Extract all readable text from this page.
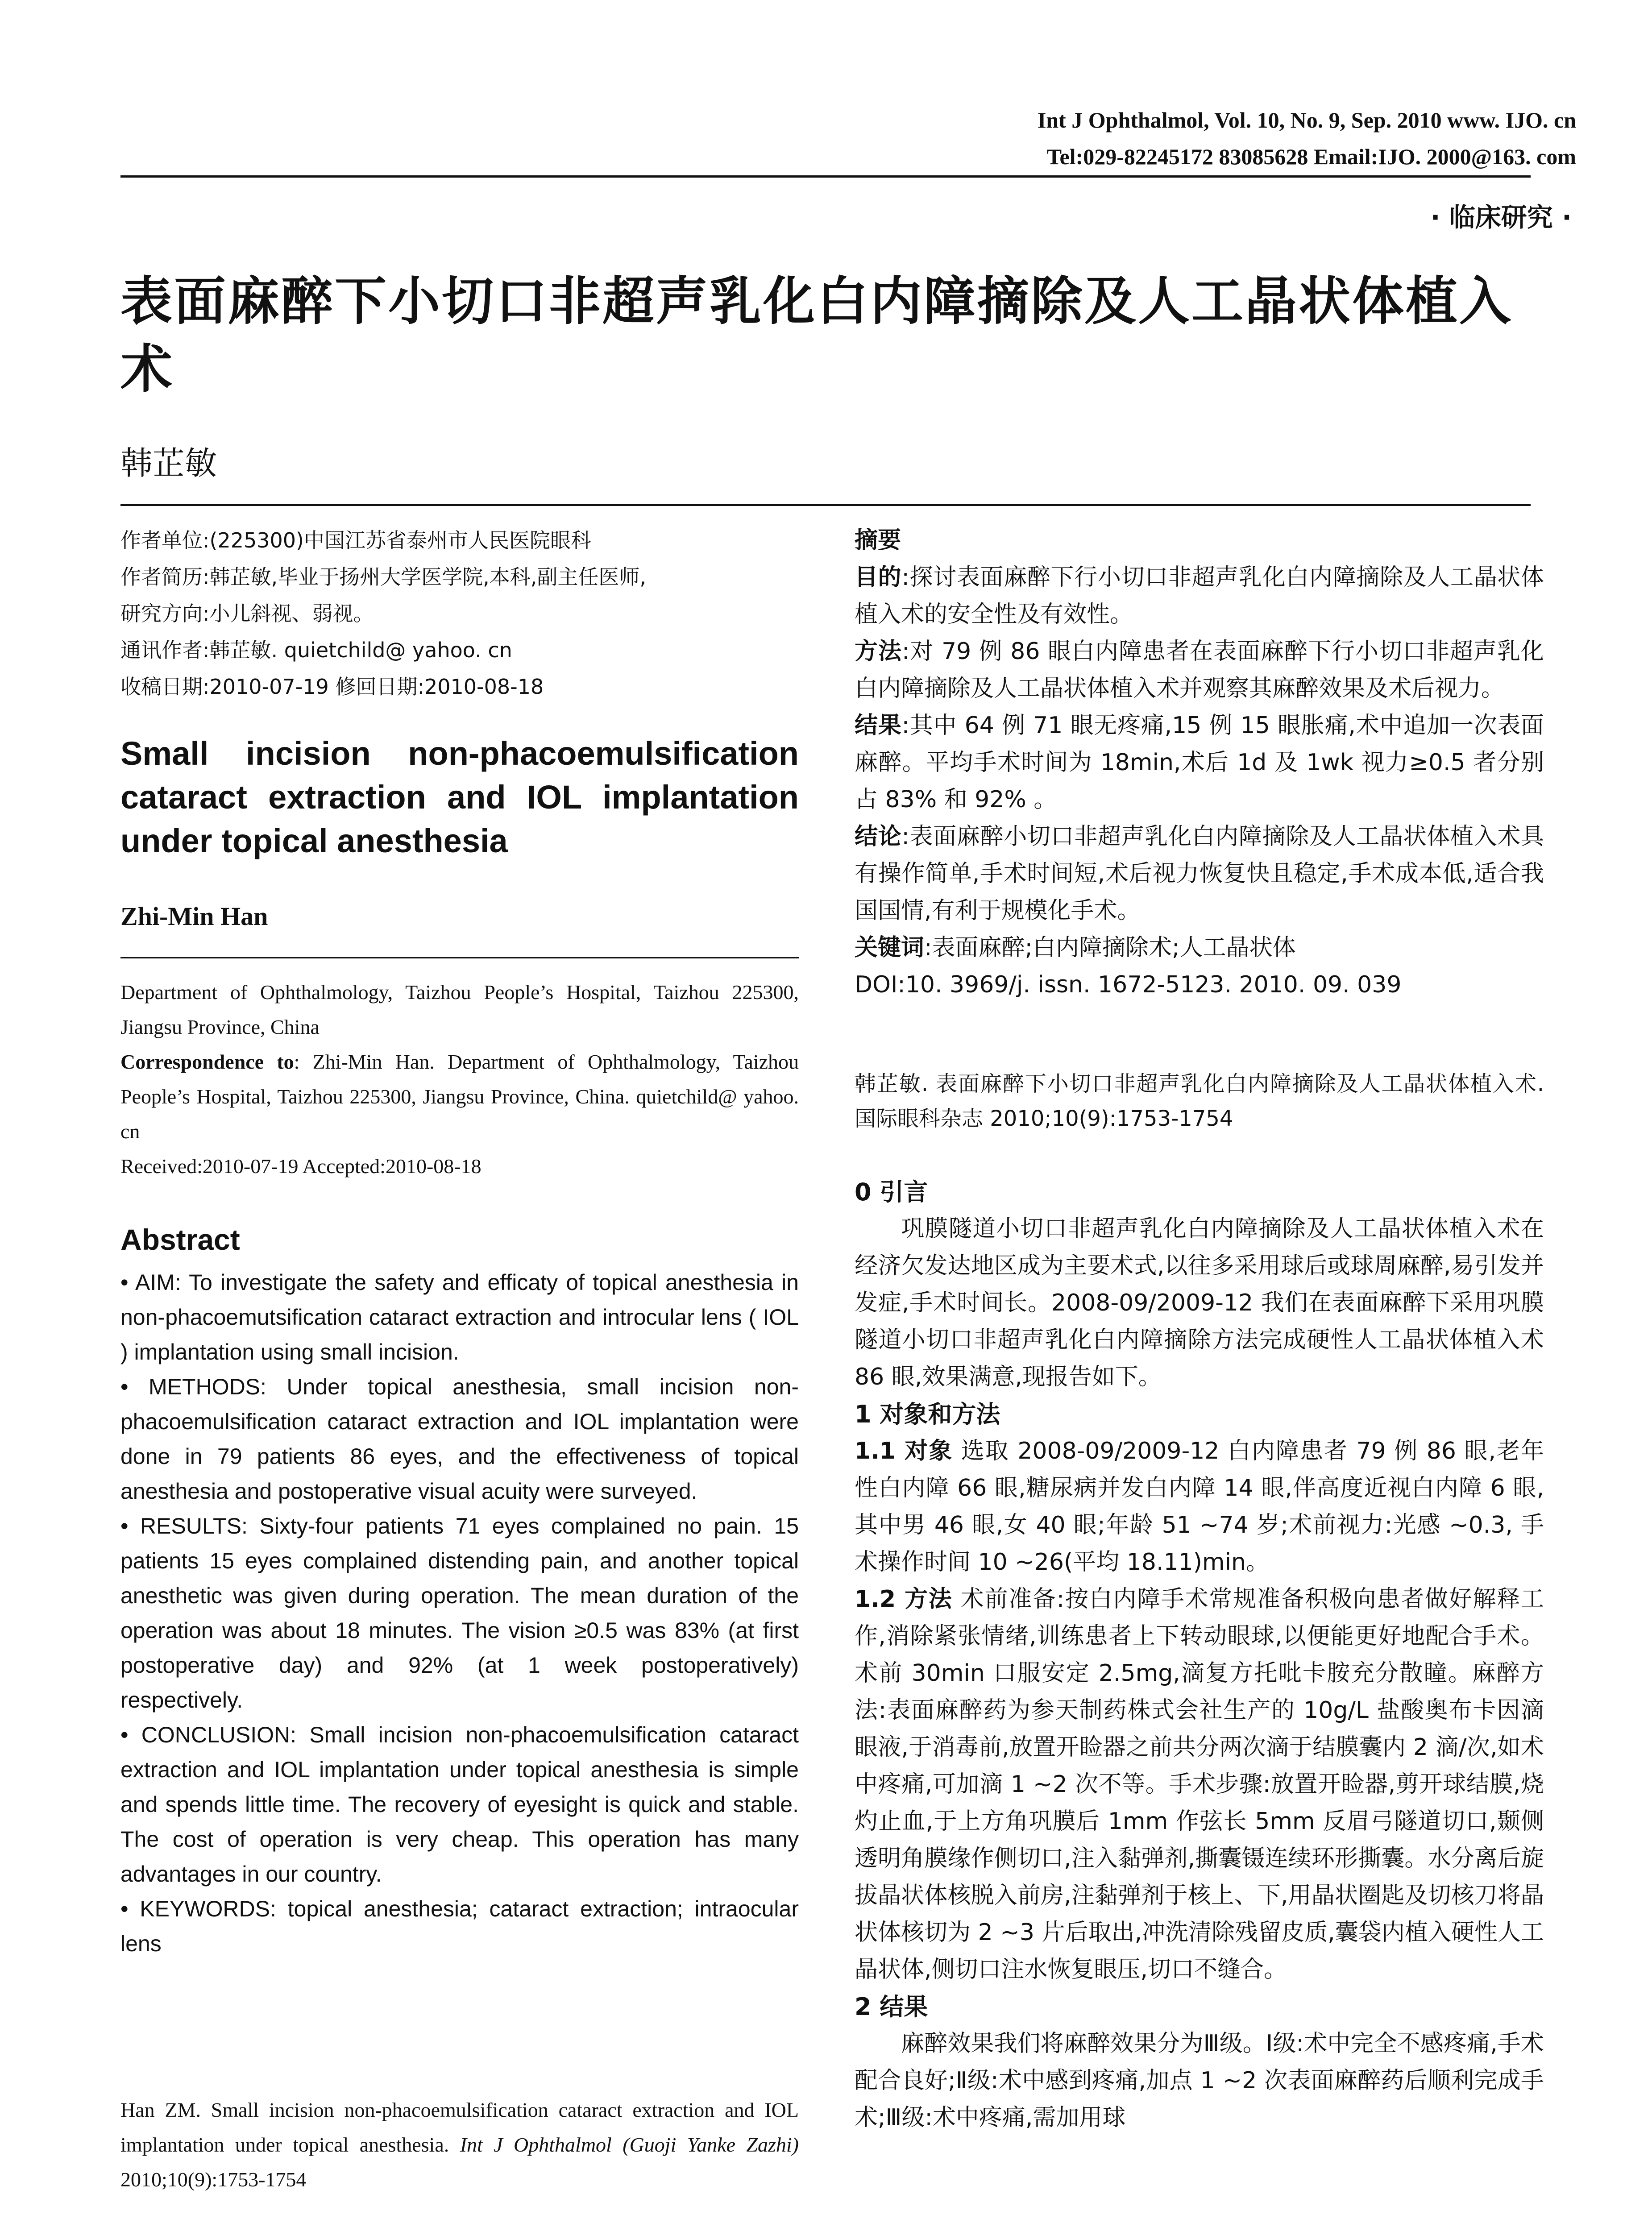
Int J Ophthalmol, Vol. 10, No. 9, Sep. 2010 www. IJO. cn
Tel:029-82245172 83085628 Email:IJO. 2000@163. com
· 临床研究 ·
表面麻醉下小切口非超声乳化白内障摘除及人工晶状体植入术
韩芷敏
作者单位:(225300)中国江苏省泰州市人民医院眼科
作者简历:韩芷敏,毕业于扬州大学医学院,本科,副主任医师,
研究方向:小儿斜视、弱视。
通讯作者:韩芷敏. quietchild@ yahoo. cn
收稿日期:2010-07-19 修回日期:2010-08-18
Small incision non-phacoemulsification cataract extraction and IOL implantation under topical anesthesia
Zhi-Min Han
Department of Ophthalmology, Taizhou People’s Hospital, Taizhou 225300, Jiangsu Province, China
Correspondence to: Zhi-Min Han. Department of Ophthalmology, Taizhou People’s Hospital, Taizhou 225300, Jiangsu Province, China. quietchild@ yahoo. cn
Received:2010-07-19 Accepted:2010-08-18
Abstract

• AIM: To investigate the safety and efficaty of topical anesthesia in non-phacoemutsification cataract extraction and introcular lens ( IOL ) implantation using small incision.

• METHODS: Under topical anesthesia, small incision non-phacoemulsification cataract extraction and IOL implantation were done in 79 patients 86 eyes, and the effectiveness of topical anesthesia and postoperative visual acuity were surveyed.

• RESULTS: Sixty-four patients 71 eyes complained no pain. 15 patients 15 eyes complained distending pain, and another topical anesthetic was given during operation. The mean duration of the operation was about 18 minutes. The vision ≥0.5 was 83% (at first postoperative day) and 92% (at 1 week postoperatively) respectively.

• CONCLUSION: Small incision non-phacoemulsification cataract extraction and IOL implantation under topical anesthesia is simple and spends little time. The recovery of eyesight is quick and stable. The cost of operation is very cheap. This operation has many advantages in our country.

• KEYWORDS: topical anesthesia; cataract extraction; intraocular lens

Han ZM. Small incision non-phacoemulsification cataract extraction and IOL implantation under topical anesthesia. Int J Ophthalmol (Guoji Yanke Zazhi) 2010;10(9):1753-1754

摘要

目的:探讨表面麻醉下行小切口非超声乳化白内障摘除及人工晶状体植入术的安全性及有效性。

方法:对 79 例 86 眼白内障患者在表面麻醉下行小切口非超声乳化白内障摘除及人工晶状体植入术并观察其麻醉效果及术后视力。

结果:其中 64 例 71 眼无疼痛,15 例 15 眼胀痛,术中追加一次表面麻醉。平均手术时间为 18min,术后 1d 及 1wk 视力≥0.5 者分别占 83% 和 92% 。

结论:表面麻醉小切口非超声乳化白内障摘除及人工晶状体植入术具有操作简单,手术时间短,术后视力恢复快且稳定,手术成本低,适合我国国情,有利于规模化手术。

关键词:表面麻醉;白内障摘除术;人工晶状体

DOI:10. 3969/j. issn. 1672-5123. 2010. 09. 039

韩芷敏. 表面麻醉下小切口非超声乳化白内障摘除及人工晶状体植入术. 国际眼科杂志 2010;10(9):1753-1754

0 引言

巩膜隧道小切口非超声乳化白内障摘除及人工晶状体植入术在经济欠发达地区成为主要术式,以往多采用球后或球周麻醉,易引发并发症,手术时间长。2008-09/2009-12 我们在表面麻醉下采用巩膜隧道小切口非超声乳化白内障摘除方法完成硬性人工晶状体植入术 86 眼,效果满意,现报告如下。

1 对象和方法

1.1 对象 选取 2008-09/2009-12 白内障患者 79 例 86 眼,老年性白内障 66 眼,糖尿病并发白内障 14 眼,伴高度近视白内障 6 眼,其中男 46 眼,女 40 眼;年龄 51 ~74 岁;术前视力:光感 ~0.3, 手术操作时间 10 ~26(平均 18.11)min。

1.2 方法 术前准备:按白内障手术常规准备积极向患者做好解释工作,消除紧张情绪,训练患者上下转动眼球,以便能更好地配合手术。术前 30min 口服安定 2.5mg,滴复方托吡卡胺充分散瞳。麻醉方法:表面麻醉药为参天制药株式会社生产的 10g/L 盐酸奥布卡因滴眼液,于消毒前,放置开睑器之前共分两次滴于结膜囊内 2 滴/次,如术中疼痛,可加滴 1 ~2 次不等。手术步骤:放置开睑器,剪开球结膜,烧灼止血,于上方角巩膜后 1mm 作弦长 5mm 反眉弓隧道切口,颞侧透明角膜缘作侧切口,注入黏弹剂,撕囊镊连续环形撕囊。水分离后旋拔晶状体核脱入前房,注黏弹剂于核上、下,用晶状圈匙及切核刀将晶状体核切为 2 ~3 片后取出,冲洗清除残留皮质,囊袋内植入硬性人工晶状体,侧切口注水恢复眼压,切口不缝合。

2 结果

麻醉效果我们将麻醉效果分为Ⅲ级。Ⅰ级:术中完全不感疼痛,手术配合良好;Ⅱ级:术中感到疼痛,加点 1 ~2 次表面麻醉药后顺利完成手术;Ⅲ级:术中疼痛,需加用球
